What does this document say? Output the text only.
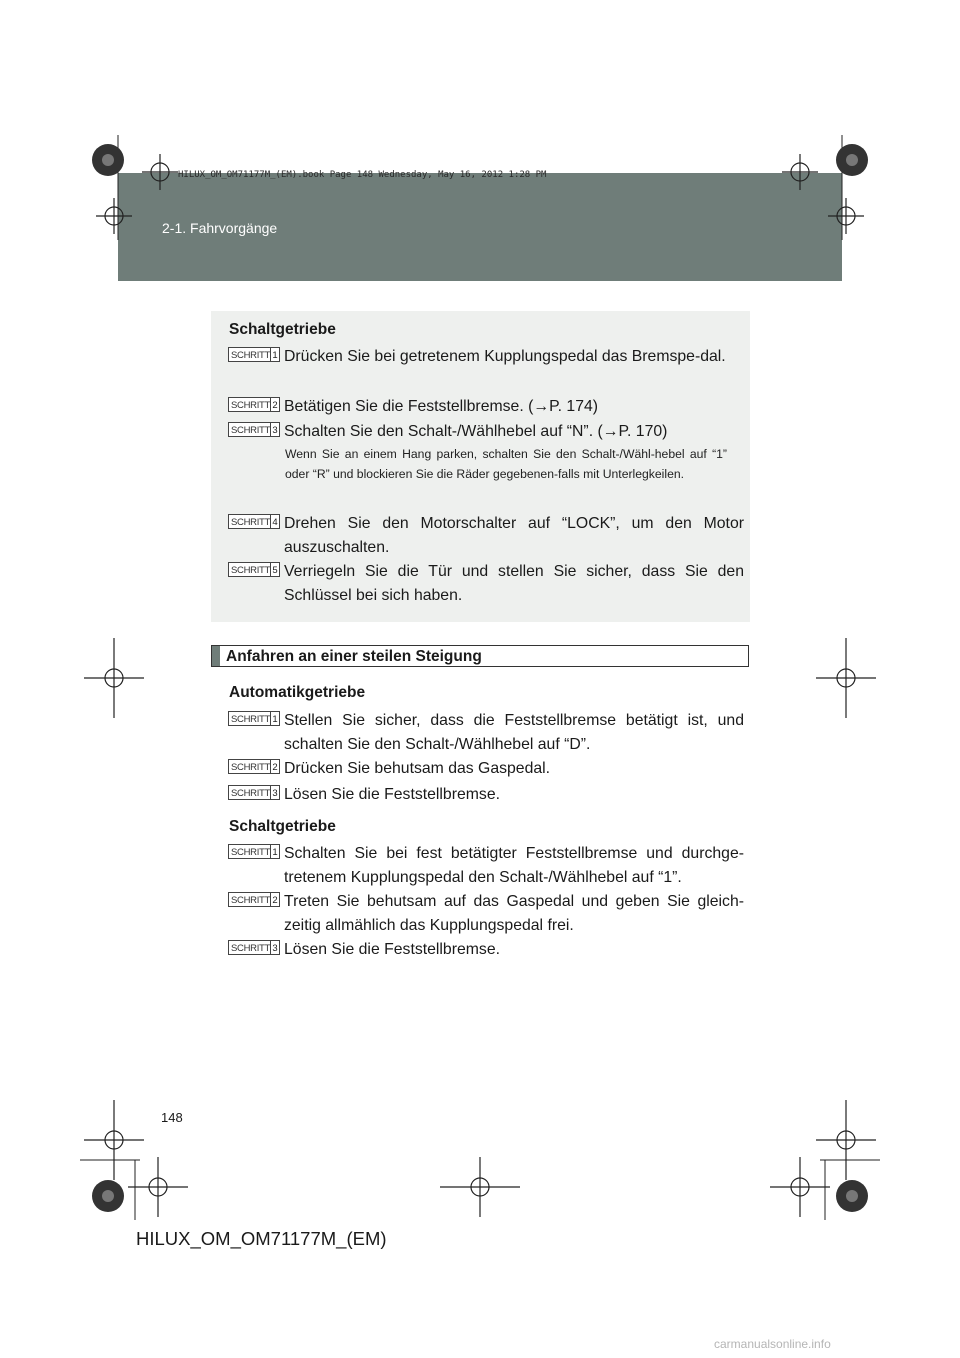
2-1. Fahrvorgänge
HILUX_OM_OM71177M_(EM).book Page 148 Wednesday, May 16, 2012 1:28 PM
Schaltgetriebe
SCHRITT 1 Drücken Sie bei getretenem Kupplungspedal das Bremspe-dal.
SCHRITT 2 Betätigen Sie die Feststellbremse. (→P. 174)
SCHRITT 3 Schalten Sie den Schalt-/Wählhebel auf “N”. (→P. 170)
Wenn Sie an einem Hang parken, schalten Sie den Schalt-/Wähl-hebel auf “1” oder “R” und blockieren Sie die Räder gegebenen-falls mit Unterlegkeilen.
SCHRITT 4 Drehen Sie den Motorschalter auf “LOCK”, um den Motor auszuschalten.
SCHRITT 5 Verriegeln Sie die Tür und stellen Sie sicher, dass Sie den Schlüssel bei sich haben.
Anfahren an einer steilen Steigung
Automatikgetriebe
SCHRITT 1 Stellen Sie sicher, dass die Feststellbremse betätigt ist, und schalten Sie den Schalt-/Wählhebel auf “D”.
SCHRITT 2 Drücken Sie behutsam das Gaspedal.
SCHRITT 3 Lösen Sie die Feststellbremse.
Schaltgetriebe
SCHRITT 1 Schalten Sie bei fest betätigter Feststellbremse und durchge-tretenem Kupplungspedal den Schalt-/Wählhebel auf “1”.
SCHRITT 2 Treten Sie behutsam auf das Gaspedal und geben Sie gleich-zeitig allmählich das Kupplungspedal frei.
SCHRITT 3 Lösen Sie die Feststellbremse.
148
HILUX_OM_OM71177M_(EM)
carmanualsonline.info
